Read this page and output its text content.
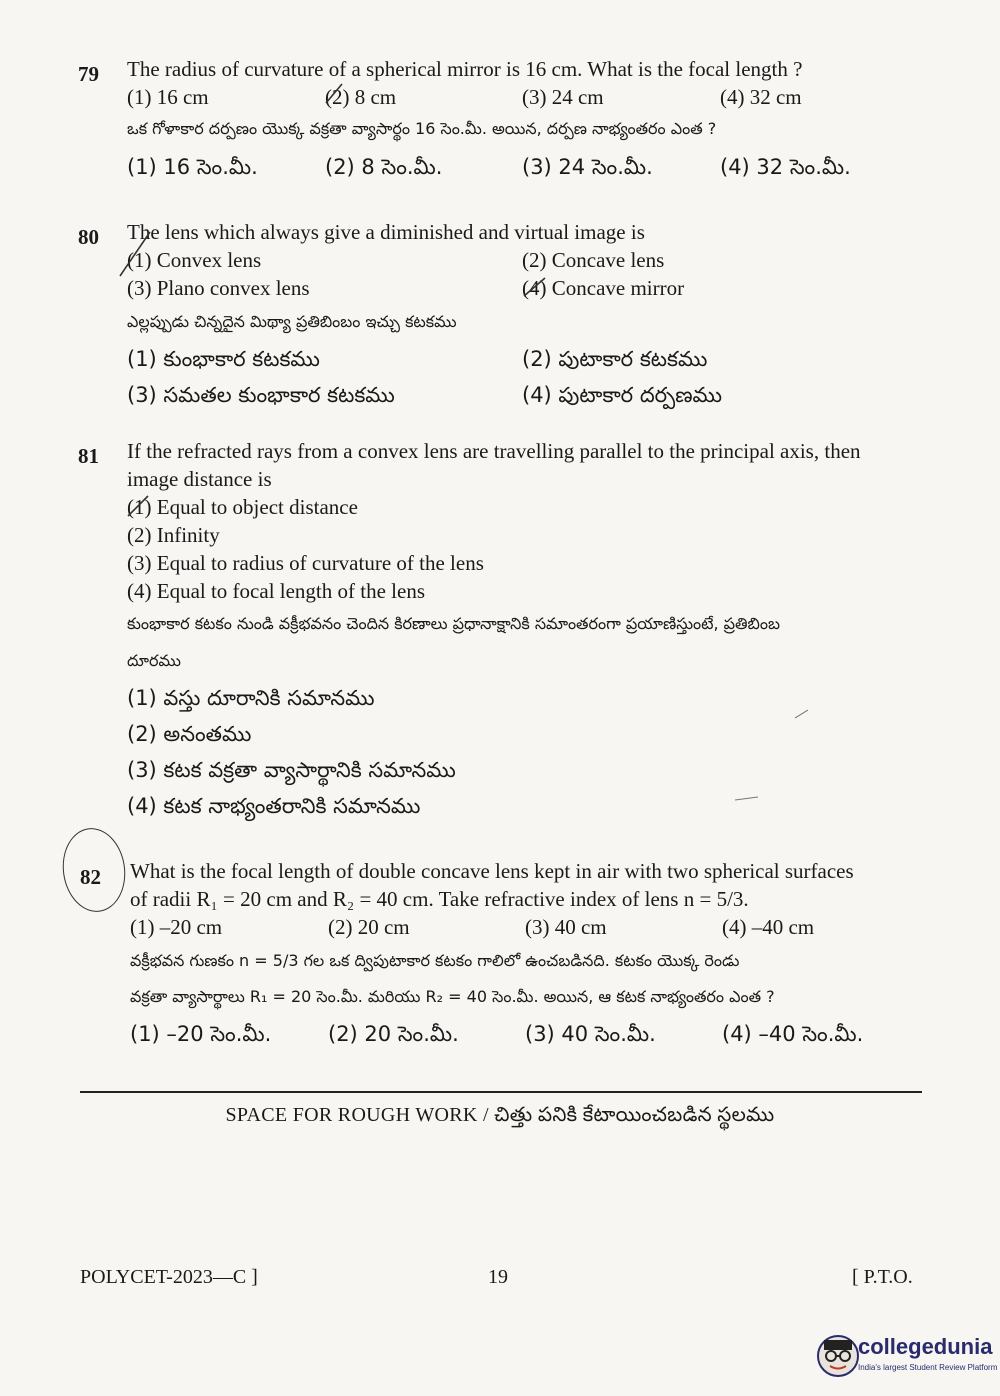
79 The radius of curvature of a spherical mirror is 16 cm. What is the focal length ?
(1) 16 cm	(2) 8 cm	(3) 24 cm	(4) 32 cm
ఒక గోళాకార దర్పణం యొక్క వక్రతా వ్యాసార్థం 16 సెం.మీ. అయిన, దర్పణ నాభ్యంతరం ఎంత ?
(1) 16 సెం.మీ.	(2) 8 సెం.మీ.	(3) 24 సెం.మీ.	(4) 32 సెం.మీ.
80 The lens which always give a diminished and virtual image is
(1) Convex lens	(2) Concave lens
(3) Plano convex lens	(4) Concave mirror
ఎల్లప్పుడు చిన్నదైన మిథ్యా ప్రతిబింబం ఇచ్చు కటకము
(1) కుంభాకార కటకము	(2) పుటాకార కటకము
(3) సమతల కుంభాకార కటకము	(4) పుటాకార దర్పణము
81 If the refracted rays from a convex lens are travelling parallel to the principal axis, then
image distance is
(1) Equal to object distance
(2) Infinity
(3) Equal to radius of curvature of the lens
(4) Equal to focal length of the lens
కుంభాకార కటకం నుండి వక్రీభవనం చెందిన కిరణాలు ప్రధానాక్షానికి సమాంతరంగా ప్రయాణిస్తుంటే, ప్రతిబింబ
దూరము
(1) వస్తు దూరానికి సమానము
(2) అనంతము
(3) కటక వక్రతా వ్యాసార్థానికి సమానము
(4) కటక నాభ్యంతరానికి సమానము
82 What is the focal length of double concave lens kept in air with two spherical surfaces
of radii R₁ = 20 cm and R₂ = 40 cm. Take refractive index of lens n = 5/3.
(1) –20 cm	(2) 20 cm	(3) 40 cm	(4) –40 cm
వక్రీభవన గుణకం n = 5/3 గల ఒక ద్విపుటాకార కటకం గాలిలో ఉంచబడినది. కటకం యొక్క రెండు
వక్రతా వ్యాసార్థాలు R₁ = 20 సెం.మీ. మరియు R₂ = 40 సెం.మీ. అయిన, ఆ కటక నాభ్యంతరం ఎంత ?
(1) –20 సెం.మీ.	(2) 20 సెం.మీ.	(3) 40 సెం.మీ.	(4) –40 సెం.మీ.
SPACE FOR ROUGH WORK / చిత్తు పనికి కేటాయించబడిన స్థలము
POLYCET-2023—C ]	19	[ P.T.O.
collegedunia
India's largest Student Review Platform
